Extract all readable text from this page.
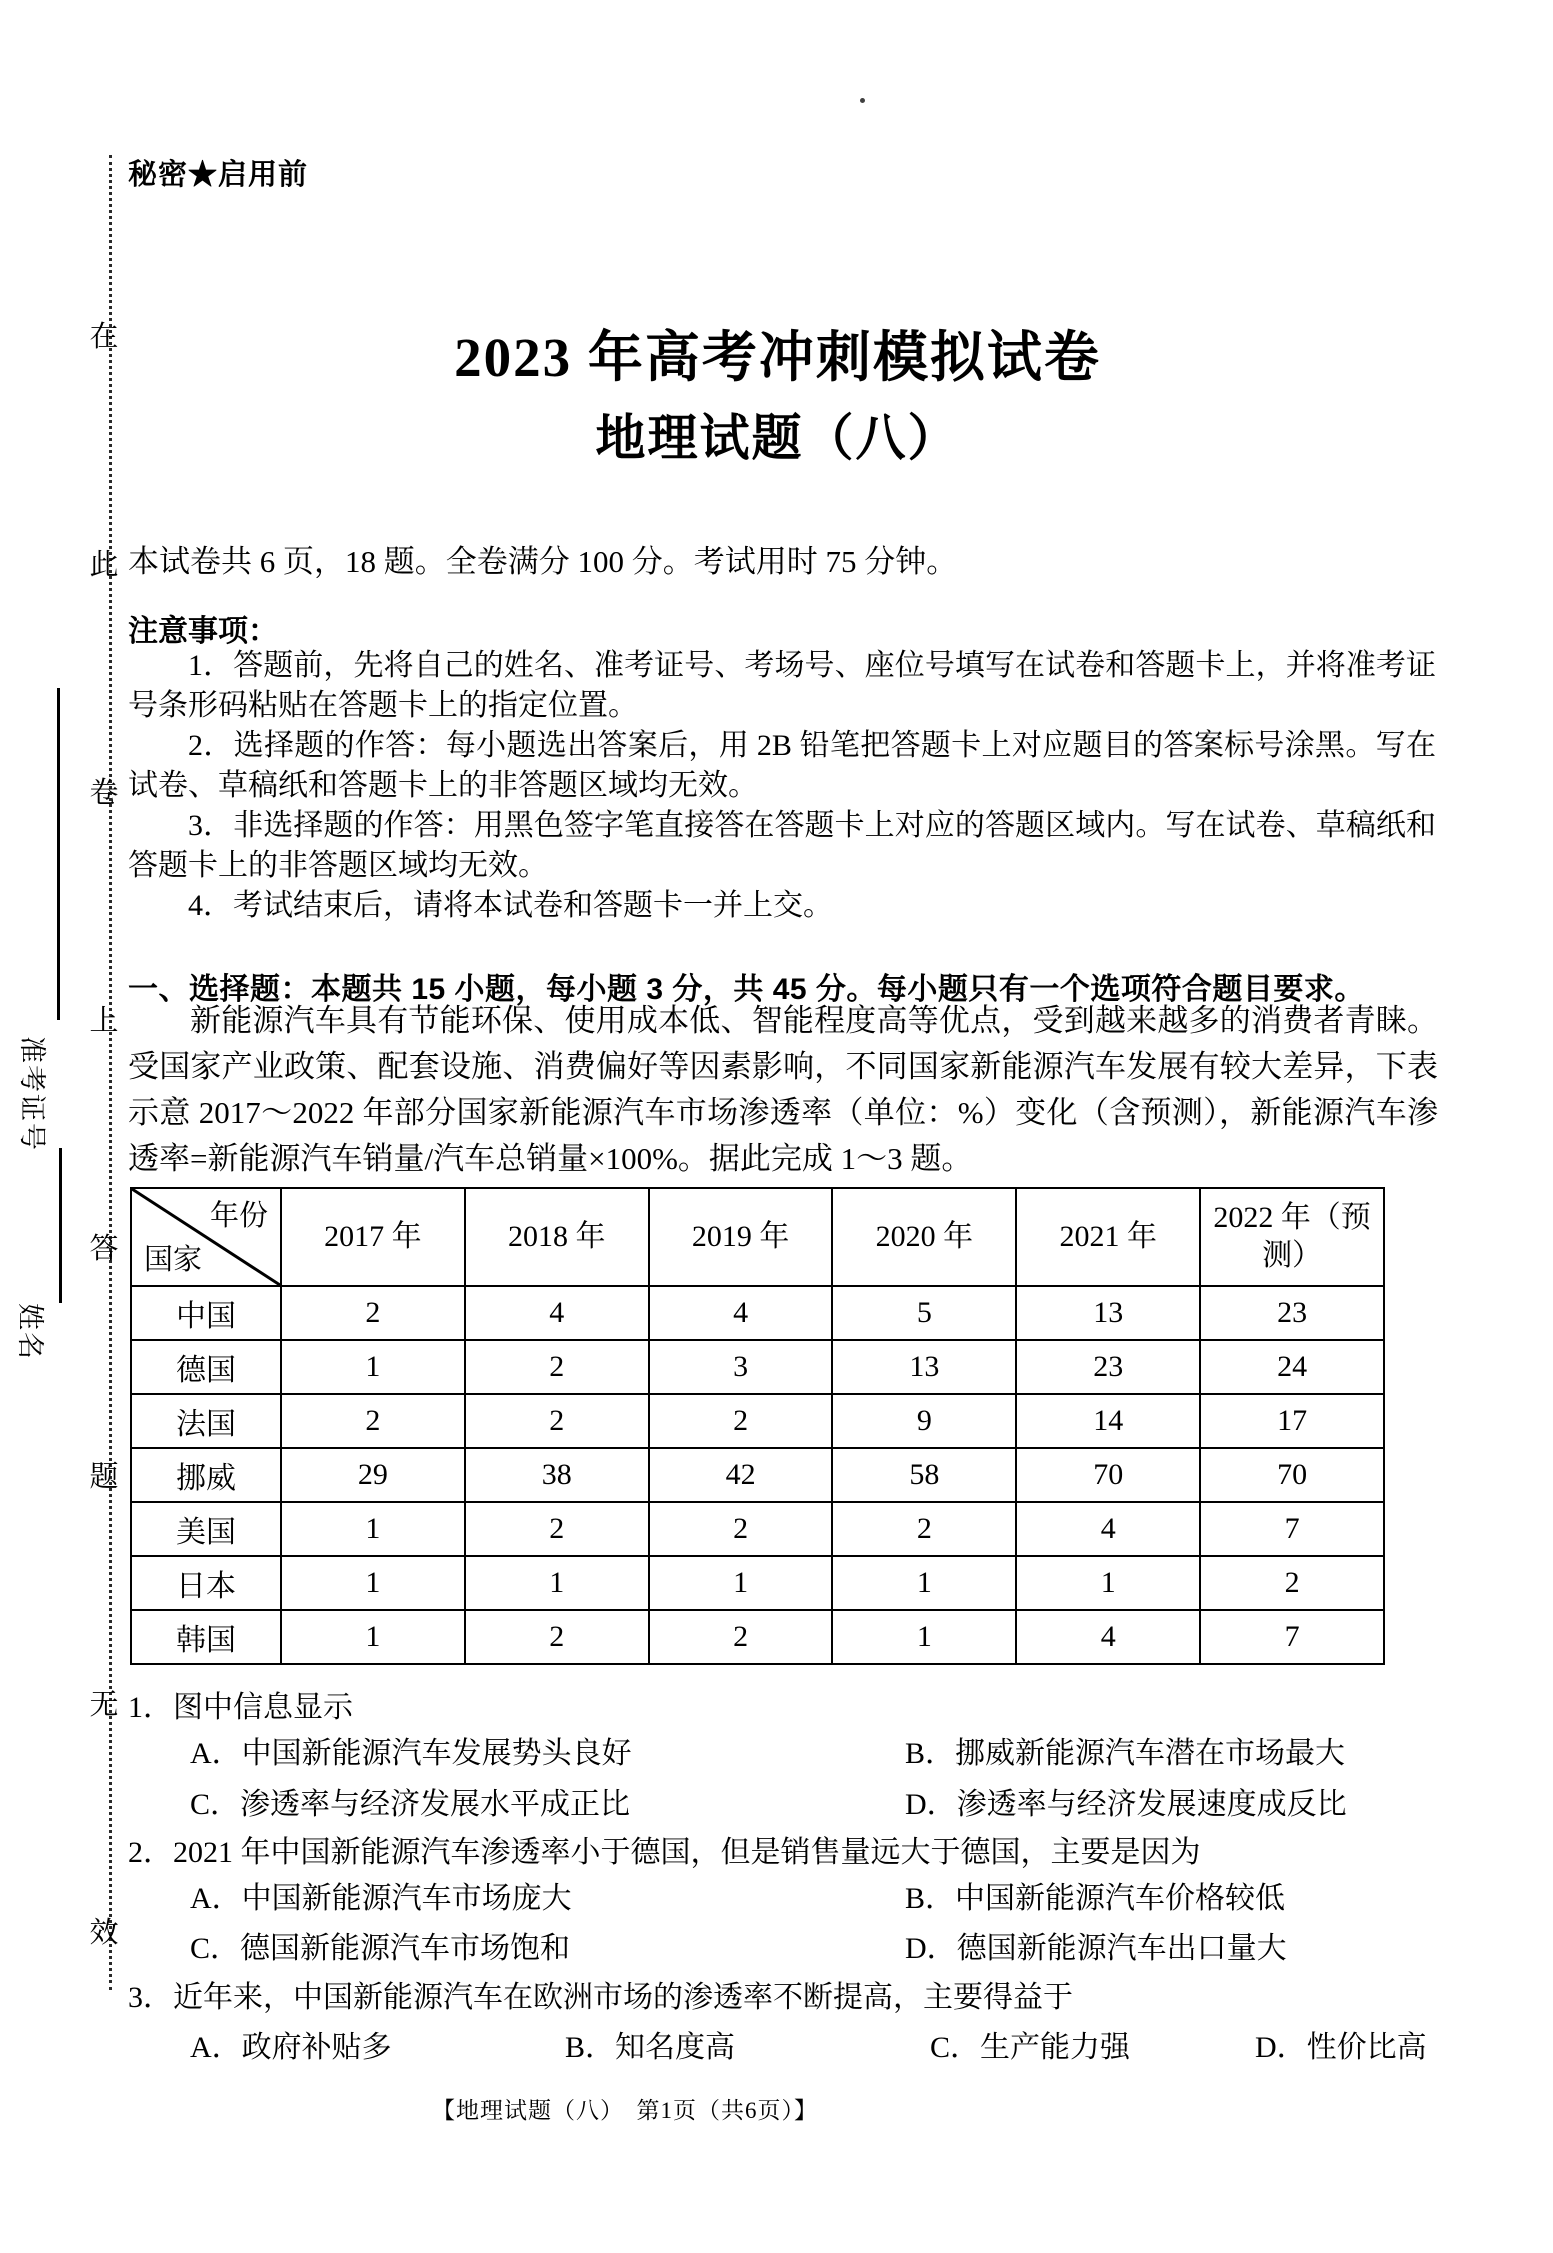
在
此
卷
上
答
题
无
效
准考证号
姓名
秘密★启用前
2023 年高考冲刺模拟试卷
地理试题（八）
本试卷共 6 页，18 题。全卷满分 100 分。考试用时 75 分钟。
注意事项：

1．答题前，先将自己的姓名、准考证号、考场号、座位号填写在试卷和答题卡上，并将准考证号条形码粘贴在答题卡上的指定位置。

2．选择题的作答：每小题选出答案后，用 2B 铅笔把答题卡上对应题目的答案标号涂黑。写在试卷、草稿纸和答题卡上的非答题区域均无效。

3．非选择题的作答：用黑色签字笔直接答在答题卡上对应的答题区域内。写在试卷、草稿纸和答题卡上的非答题区域均无效。

4．考试结束后，请将本试卷和答题卡一并上交。

一、选择题：本题共 15 小题，每小题 3 分，共 45 分。每小题只有一个选项符合题目要求。
新能源汽车具有节能环保、使用成本低、智能程度高等优点，受到越来越多的消费者青睐。受国家产业政策、配套设施、消费偏好等因素影响，不同国家新能源汽车发展有较大差异，下表示意 2017～2022 年部分国家新能源汽车市场渗透率（单位：%）变化（含预测），新能源汽车渗透率=新能源汽车销量/汽车总销量×100%。据此完成 1～3 题。
年份
国家	2017 年	2018 年	2019 年	2020 年	2021 年	2022 年（预测）
中国	2	4	4	5	13	23
德国	1	2	3	13	23	24
法国	2	2	2	9	14	17
挪威	29	38	42	58	70	70
美国	1	2	2	2	4	7
日本	1	1	1	1	1	2
韩国	1	2	2	1	4	7
1．图中信息显示
A．中国新能源汽车发展势头良好	B．挪威新能源汽车潜在市场最大
C．渗透率与经济发展水平成正比	D．渗透率与经济发展速度成反比
2．2021 年中国新能源汽车渗透率小于德国，但是销售量远大于德国，主要是因为
A．中国新能源汽车市场庞大	B．中国新能源汽车价格较低
C．德国新能源汽车市场饱和	D．德国新能源汽车出口量大
3．近年来，中国新能源汽车在欧洲市场的渗透率不断提高，主要得益于
A．政府补贴多	B．知名度高	C．生产能力强	D．性价比高
【地理试题（八）　第1页（共6页）】
